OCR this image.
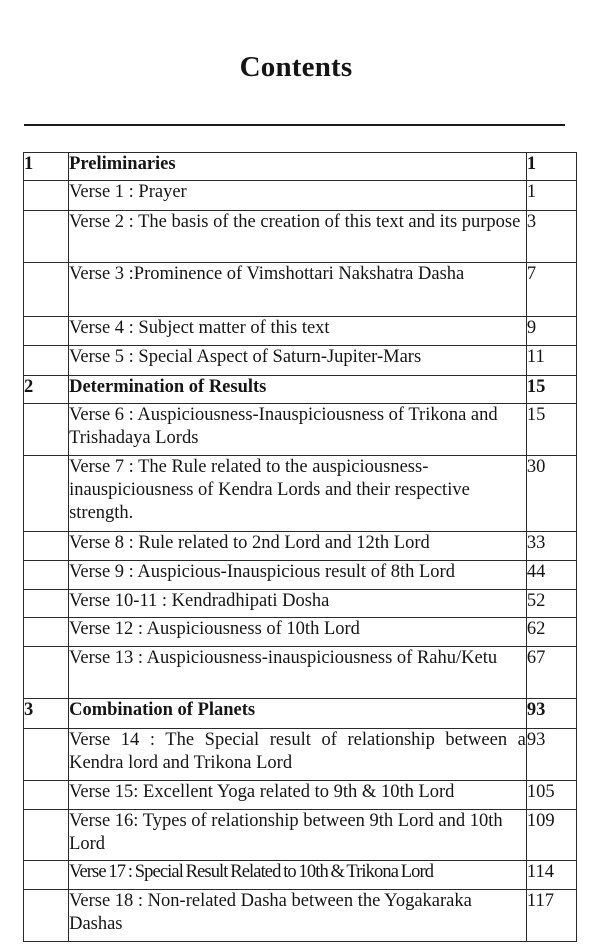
Contents
1	Preliminaries	1
	Verse 1 : Prayer	1
	Verse 2 : The basis of the creation of this text and its purpose	3
	Verse 3 :Prominence of Vimshottari Nakshatra Dasha	7
	Verse 4 : Subject matter of this text	9
	Verse 5 : Special Aspect of Saturn-Jupiter-Mars	11
2	Determination of Results	15
	Verse 6 : Auspiciousness-Inauspiciousness of Trikona and Trishadaya Lords	15
	Verse 7 : The Rule related to the auspiciousness-inauspiciousness of Kendra Lords and their respective strength.	30
	Verse 8 : Rule related to 2nd Lord and 12th Lord	33
	Verse 9 : Auspicious-Inauspicious result of 8th Lord	44
	Verse 10-11 : Kendradhipati Dosha	52
	Verse 12 : Auspiciousness of 10th Lord	62
	Verse 13 : Auspiciousness-inauspiciousness of Rahu/Ketu	67
3	Combination of Planets	93
	Verse 14 : The Special result of relationship between a Kendra lord and Trikona Lord	93
	Verse 15: Excellent Yoga related to 9th & 10th Lord	105
	Verse 16: Types of relationship between 9th Lord and 10th Lord	109
	Verse 17 : Special Result Related to 10th & Trikona Lord	114
	Verse 18 : Non-related Dasha between the Yogakaraka Dashas	117
